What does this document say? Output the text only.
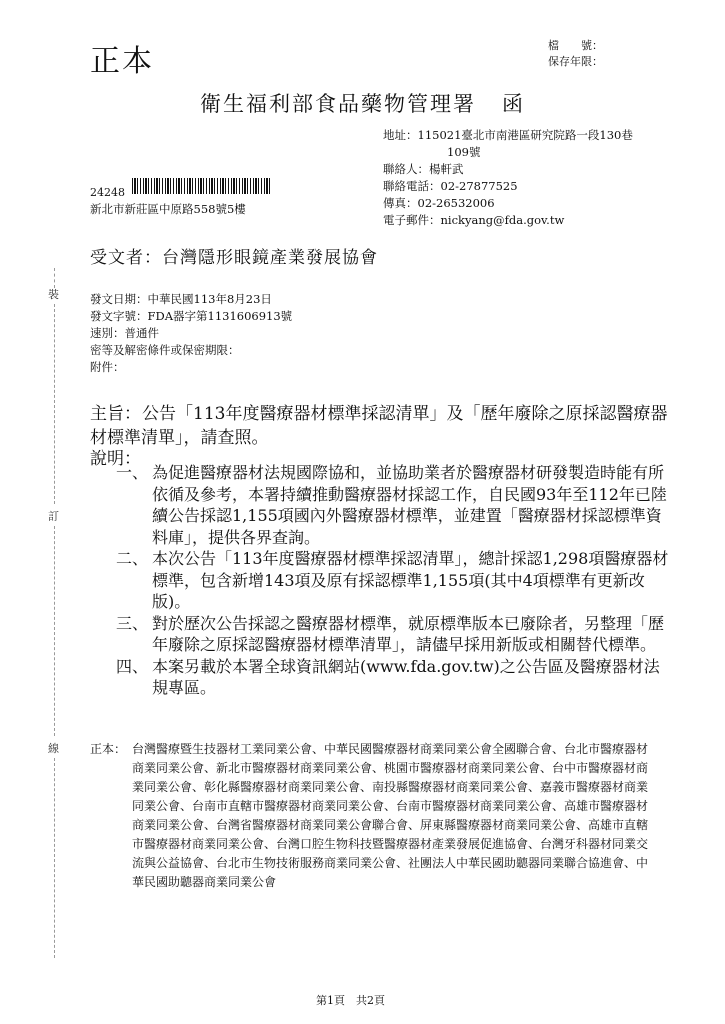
正本	檔　　號：
保存年限：
衛生福利部食品藥物管理署 函
地址：115021臺北市南港區研究院路一段130巷
109號
聯絡人：楊軒武
聯絡電話：02-27877525
傳真：02-26532006
電子郵件：nickyang@fda.gov.tw
24248
新北市新莊區中原路558號5樓
受文者：台灣隱形眼鏡產業發展協會
發文日期：中華民國113年8月23日
發文字號：FDA器字第1131606913號
速別：普通件
密等及解密條件或保密期限：
附件：
裝
訂
線
主旨：公告「113年度醫療器材標準採認清單」及「歷年廢除之原採認醫療器材標準清單」，請查照。
說明：
一、 為促進醫療器材法規國際協和，並協助業者於醫療器材研發製造時能有所依循及參考，本署持續推動醫療器材採認工作，自民國93年至112年已陸續公告採認1,155項國內外醫療器材標準，並建置「醫療器材採認標準資料庫」，提供各界查詢。
二、 本次公告「113年度醫療器材標準採認清單」，總計採認1,298項醫療器材標準，包含新增143項及原有採認標準1,155項(其中4項標準有更新改版)。
三、 對於歷次公告採認之醫療器材標準，就原標準版本已廢除者，另整理「歷年廢除之原採認醫療器材標準清單」，請儘早採用新版或相關替代標準。
四、 本案另載於本署全球資訊網站(www.fda.gov.tw)之公告區及醫療器材法規專區。
正本： 台灣醫療暨生技器材工業同業公會、中華民國醫療器材商業同業公會全國聯合會、台北市醫療器材商業同業公會、新北市醫療器材商業同業公會、桃園市醫療器材商業同業公會、台中市醫療器材商業同業公會、彰化縣醫療器材商業同業公會、南投縣醫療器材商業同業公會、嘉義市醫療器材商業同業公會、台南市直轄市醫療器材商業同業公會、台南市醫療器材商業同業公會、高雄市醫療器材商業同業公會、台灣省醫療器材商業同業公會聯合會、屏東縣醫療器材商業同業公會、高雄市直轄市醫療器材商業同業公會、台灣口腔生物科技暨醫療器材產業發展促進協會、台灣牙科器材同業交流與公益協會、台北市生物技術服務商業同業公會、社團法人中華民國助聽器同業聯合協進會、中華民國助聽器商業同業公會
第1頁　共2頁
